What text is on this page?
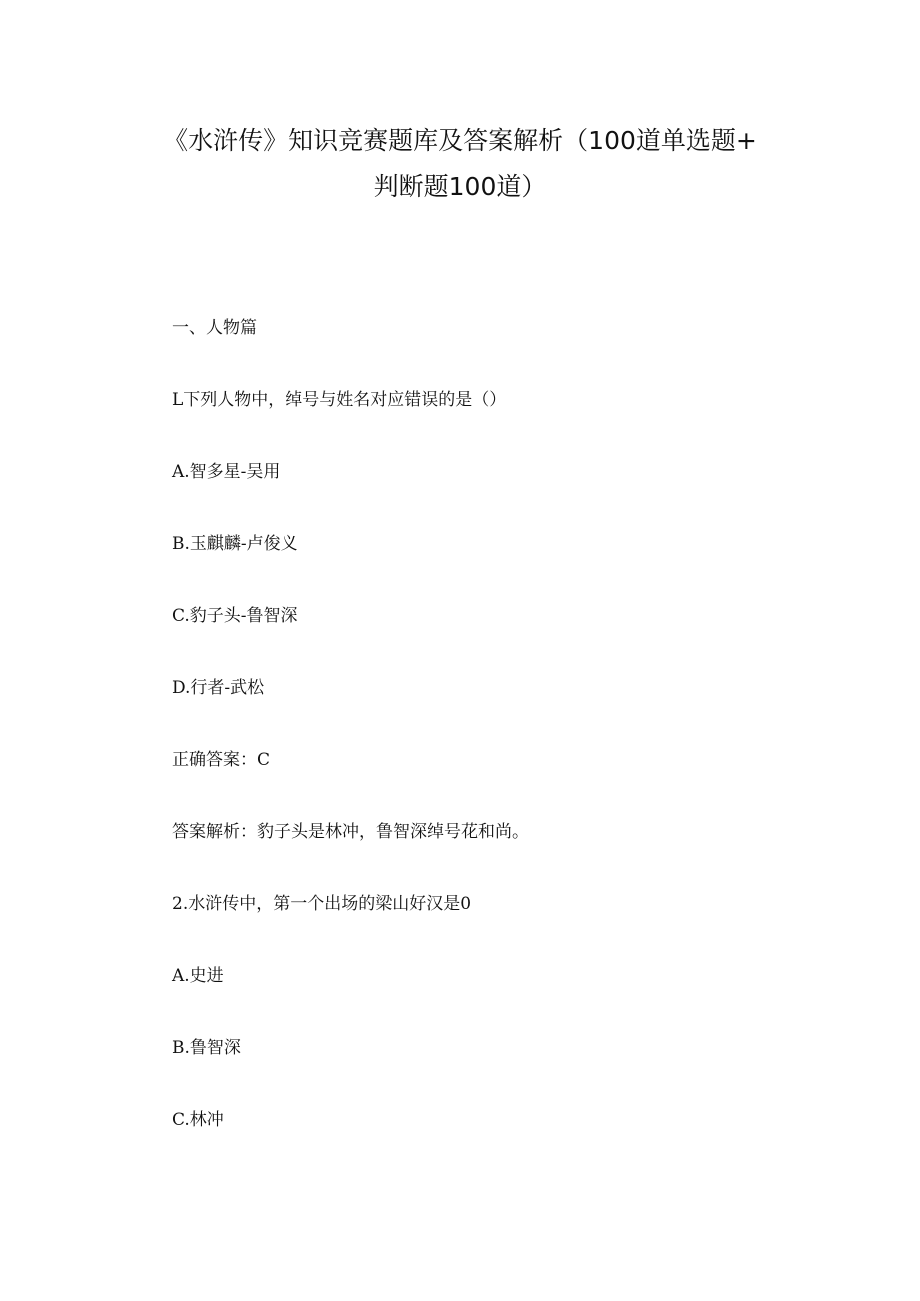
《水浒传》知识竞赛题库及答案解析（100道单选题+
判断题100道）

一、人物篇

L下列人物中，绰号与姓名对应错误的是（）

A.智多星-吴用

B.玉麒麟-卢俊义

C.豹子头-鲁智深

D.行者-武松

正确答案：C

答案解析：豹子头是林冲，鲁智深绰号花和尚。

2.水浒传中，第一个出场的梁山好汉是0

A.史进

B.鲁智深

C.林冲
